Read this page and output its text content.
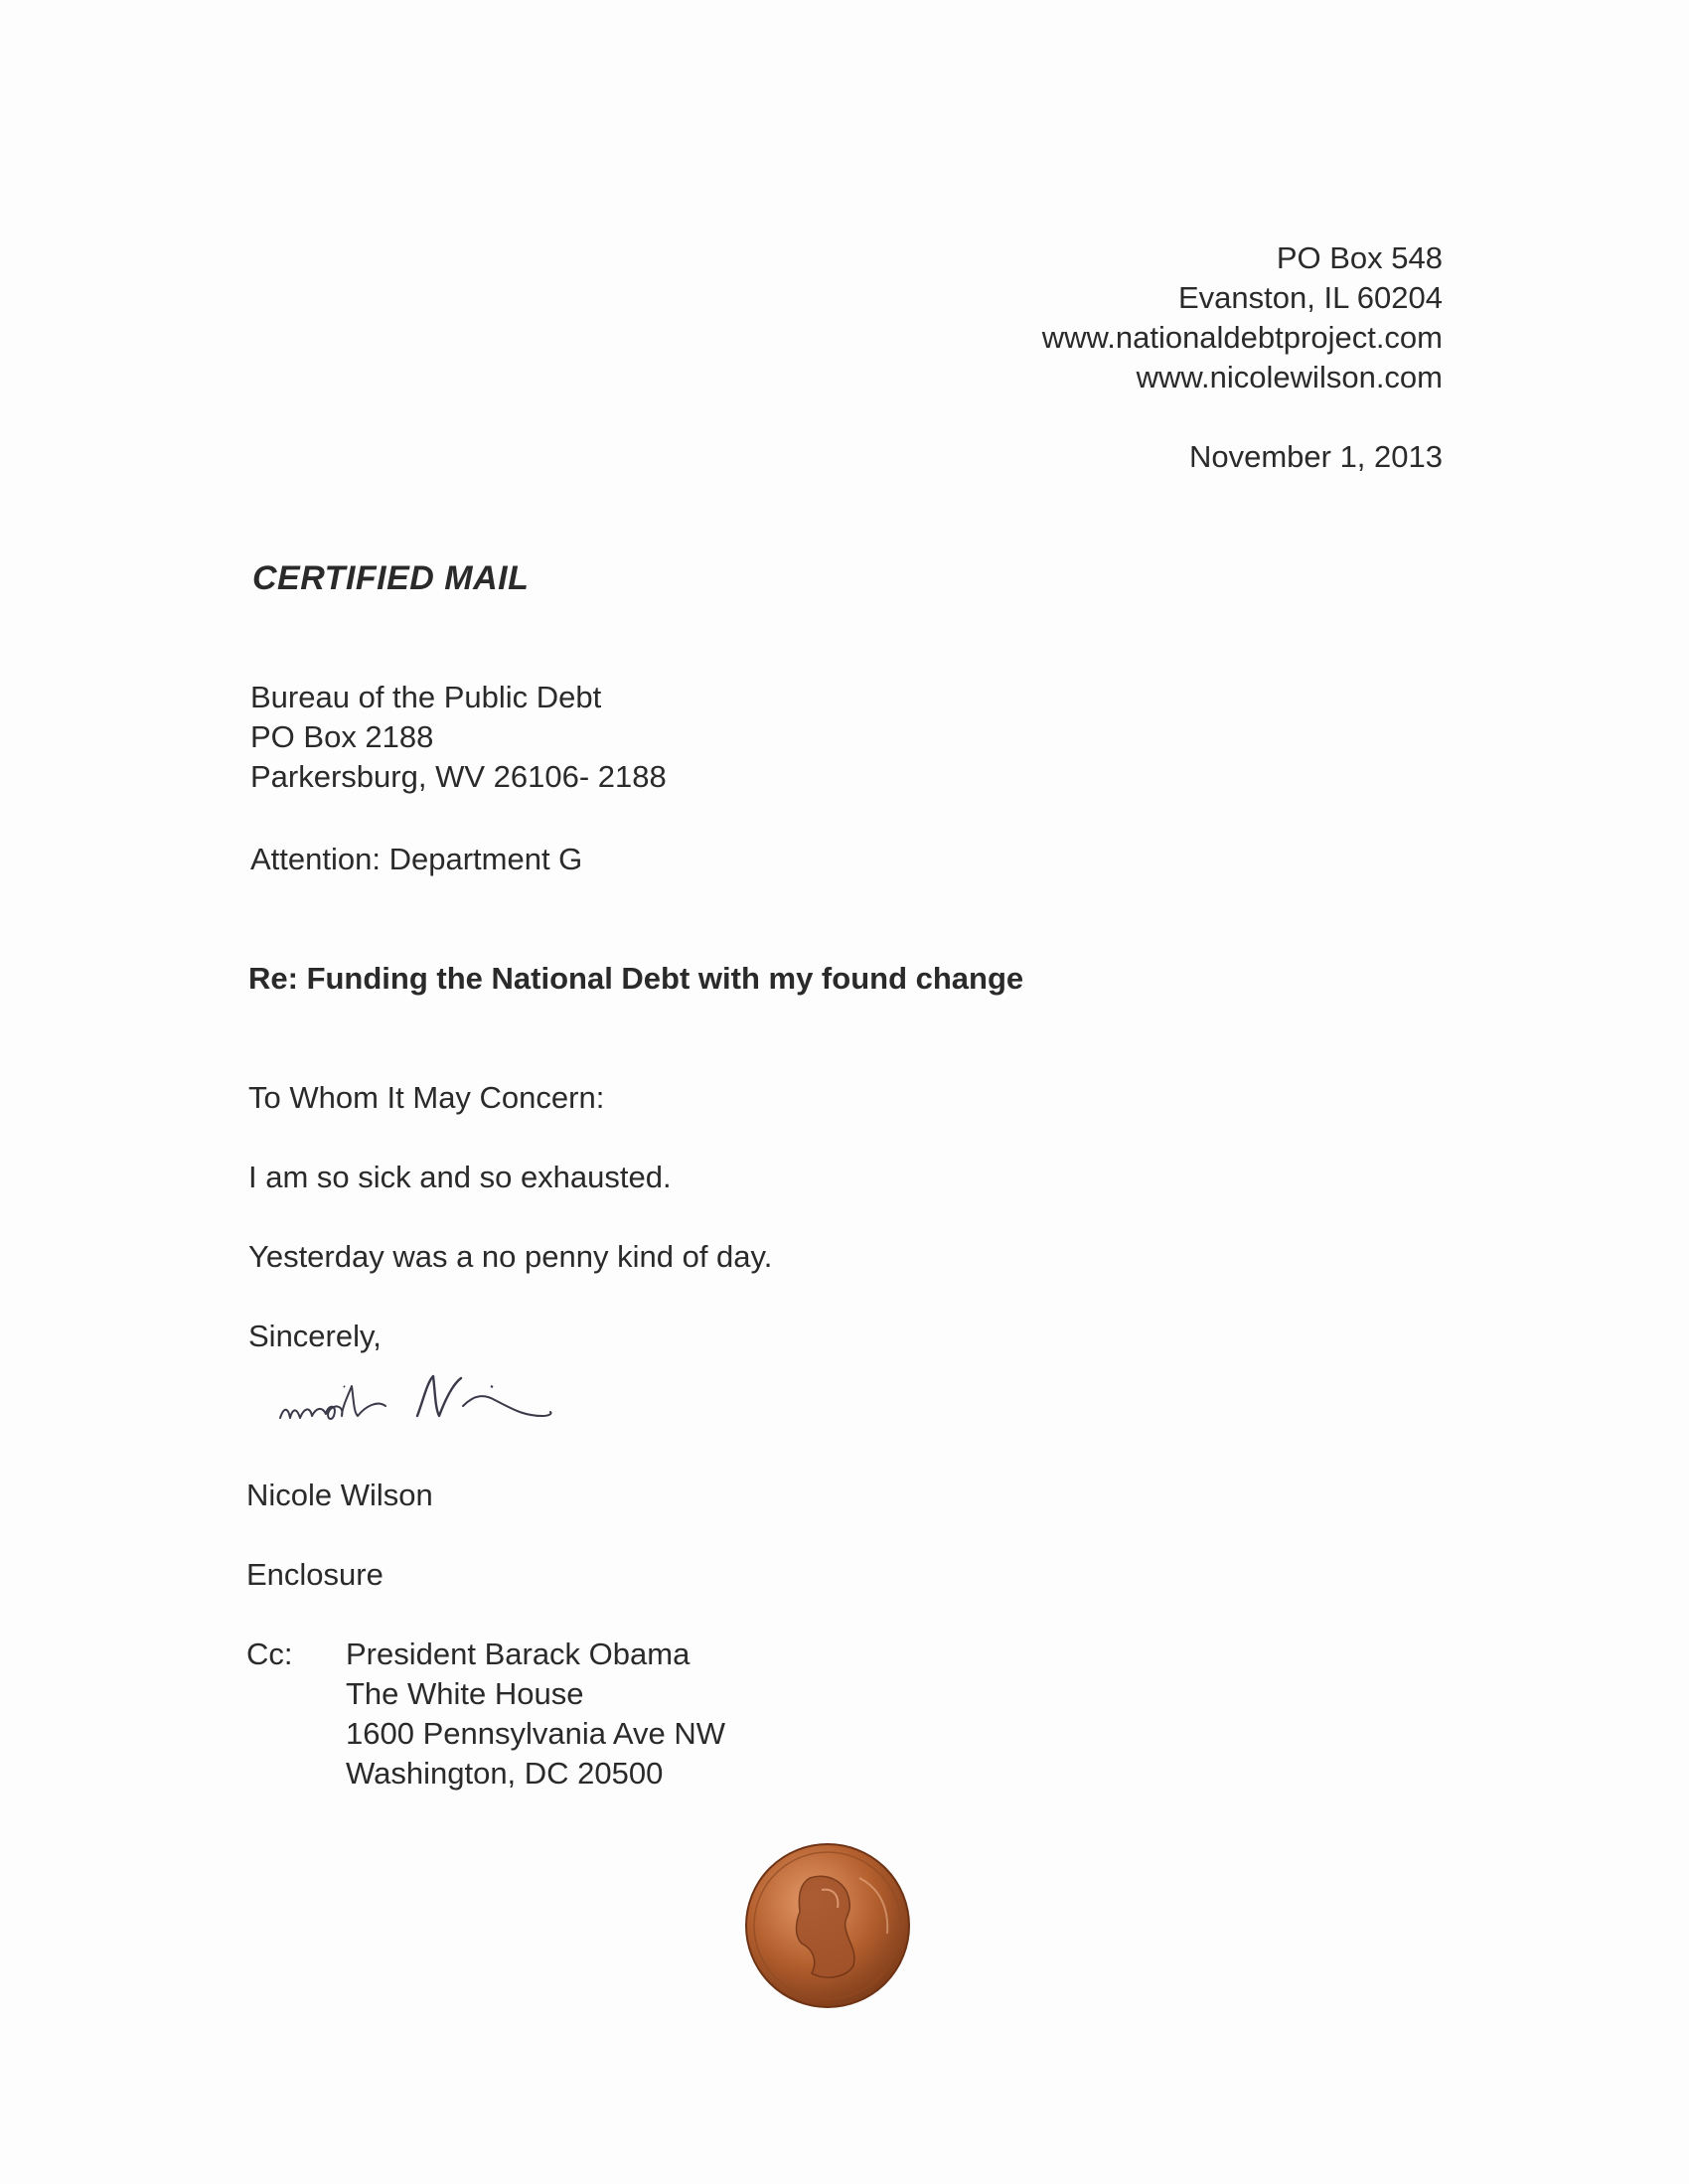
PO Box 548
Evanston, IL 60204
www.nationaldebtproject.com
www.nicolewilson.com
November 1, 2013
CERTIFIED MAIL
Bureau of the Public Debt
PO Box 2188
Parkersburg, WV 26106- 2188
Attention: Department G
Re: Funding the National Debt with my found change
To Whom It May Concern:
I am so sick and so exhausted.
Yesterday was a no penny kind of day.
Sincerely,
Nicole Wilson
Enclosure
Cc: President Barack Obama
The White House
1600 Pennsylvania Ave NW
Washington, DC 20500
